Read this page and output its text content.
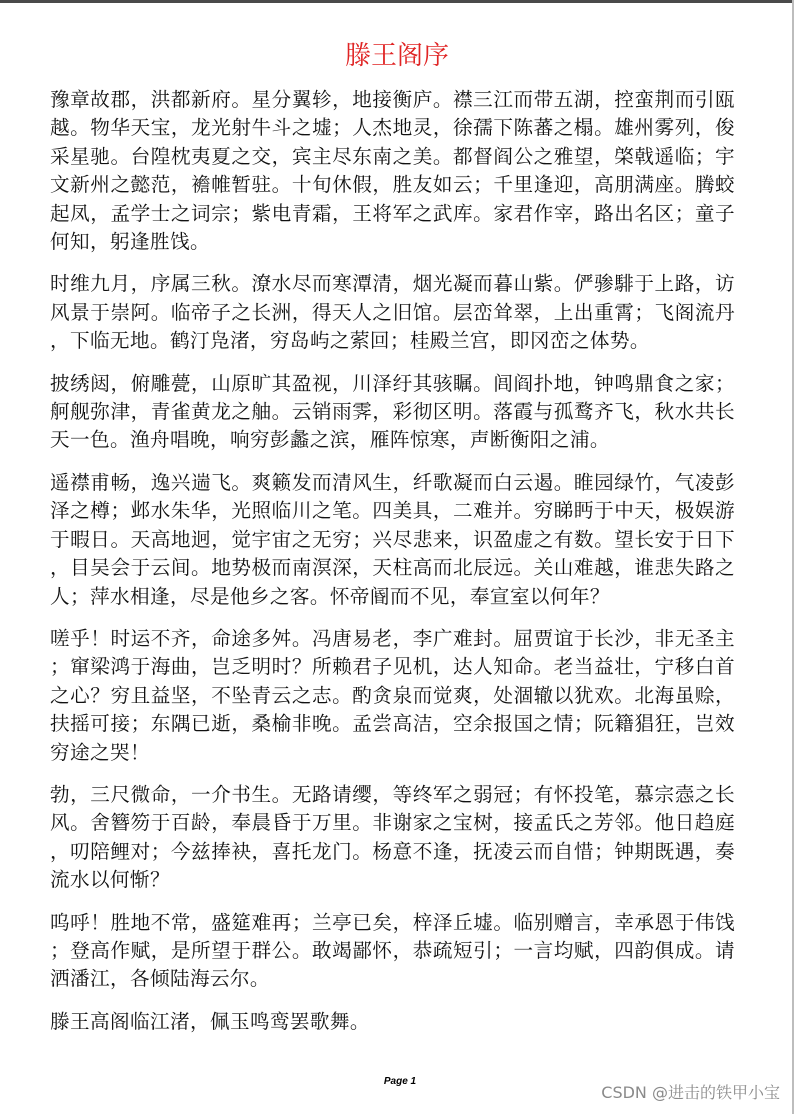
滕王阁序

豫章故郡，洪都新府。星分翼轸，地接衡庐。襟三江而带五湖，控蛮荆而引瓯越。物华天宝，龙光射牛斗之墟；人杰地灵，徐孺下陈蕃之榻。雄州雾列，俊采星驰。台隍枕夷夏之交，宾主尽东南之美。都督阎公之雅望，棨戟遥临；宇文新州之懿范，襜帷暂驻。十旬休假，胜友如云；千里逢迎，高朋满座。腾蛟起凤，孟学士之词宗；紫电青霜，王将军之武库。家君作宰，路出名区；童子何知，躬逢胜饯。

时维九月，序属三秋。潦水尽而寒潭清，烟光凝而暮山紫。俨骖騑于上路，访风景于崇阿。临帝子之长洲，得天人之旧馆。层峦耸翠，上出重霄；飞阁流丹，下临无地。鹤汀凫渚，穷岛屿之萦回；桂殿兰宫，即冈峦之体势。

披绣闼，俯雕甍，山原旷其盈视，川泽纡其骇瞩。闾阎扑地，钟鸣鼎食之家；舸舰弥津，青雀黄龙之舳。云销雨霁，彩彻区明。落霞与孤鹜齐飞，秋水共长天一色。渔舟唱晚，响穷彭蠡之滨，雁阵惊寒，声断衡阳之浦。

遥襟甫畅，逸兴遄飞。爽籁发而清风生，纤歌凝而白云遏。睢园绿竹，气凌彭泽之樽；邺水朱华，光照临川之笔。四美具，二难并。穷睇眄于中天，极娱游于暇日。天高地迥，觉宇宙之无穷；兴尽悲来，识盈虚之有数。望长安于日下，目吴会于云间。地势极而南溟深，天柱高而北辰远。关山难越，谁悲失路之人；萍水相逢，尽是他乡之客。怀帝阍而不见，奉宣室以何年？

嗟乎！时运不齐，命途多舛。冯唐易老，李广难封。屈贾谊于长沙，非无圣主；窜梁鸿于海曲，岂乏明时？所赖君子见机，达人知命。老当益壮，宁移白首之心？穷且益坚，不坠青云之志。酌贪泉而觉爽，处涸辙以犹欢。北海虽赊，扶摇可接；东隅已逝，桑榆非晚。孟尝高洁，空余报国之情；阮籍猖狂，岂效穷途之哭！

勃，三尺微命，一介书生。无路请缨，等终军之弱冠；有怀投笔，慕宗悫之长风。舍簪笏于百龄，奉晨昏于万里。非谢家之宝树，接孟氏之芳邻。他日趋庭，叨陪鲤对；今兹捧袂，喜托龙门。杨意不逢，抚凌云而自惜；钟期既遇，奏流水以何惭？

呜呼！胜地不常，盛筵难再；兰亭已矣，梓泽丘墟。临别赠言，幸承恩于伟饯；登高作赋，是所望于群公。敢竭鄙怀，恭疏短引；一言均赋，四韵俱成。请洒潘江，各倾陆海云尔。

滕王高阁临江渚，佩玉鸣鸾罢歌舞。

Page 1
CSDN @进击的铁甲小宝
